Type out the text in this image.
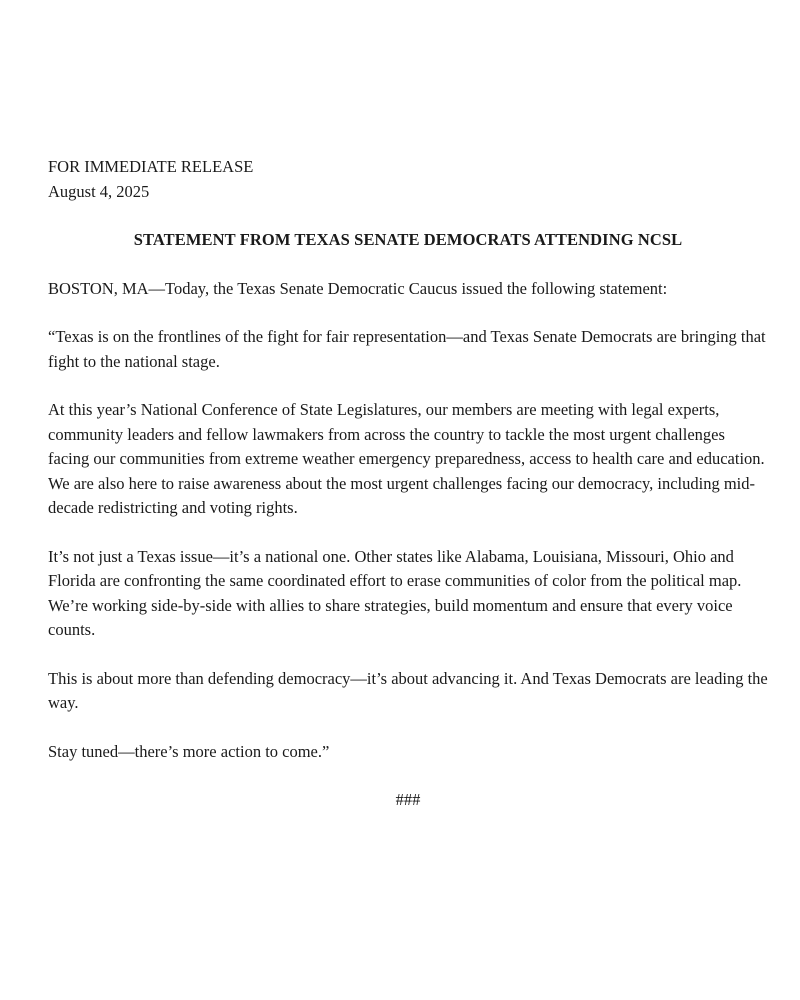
FOR IMMEDIATE RELEASE
August 4, 2025
STATEMENT FROM TEXAS SENATE DEMOCRATS ATTENDING NCSL

BOSTON, MA—Today, the Texas Senate Democratic Caucus issued the following statement:

“Texas is on the frontlines of the fight for fair representation—and Texas Senate Democrats are bringing that fight to the national stage.

At this year’s National Conference of State Legislatures, our members are meeting with legal experts, community leaders and fellow lawmakers from across the country to tackle the most urgent challenges facing our communities from extreme weather emergency preparedness, access to health care and education. We are also here to raise awareness about the most urgent challenges facing our democracy, including mid-decade redistricting and voting rights.

It’s not just a Texas issue—it’s a national one. Other states like Alabama, Louisiana, Missouri, Ohio and Florida are confronting the same coordinated effort to erase communities of color from the political map. We’re working side-by-side with allies to share strategies, build momentum and ensure that every voice counts.

This is about more than defending democracy—it’s about advancing it. And Texas Democrats are leading the way.

Stay tuned—there’s more action to come.”

###
